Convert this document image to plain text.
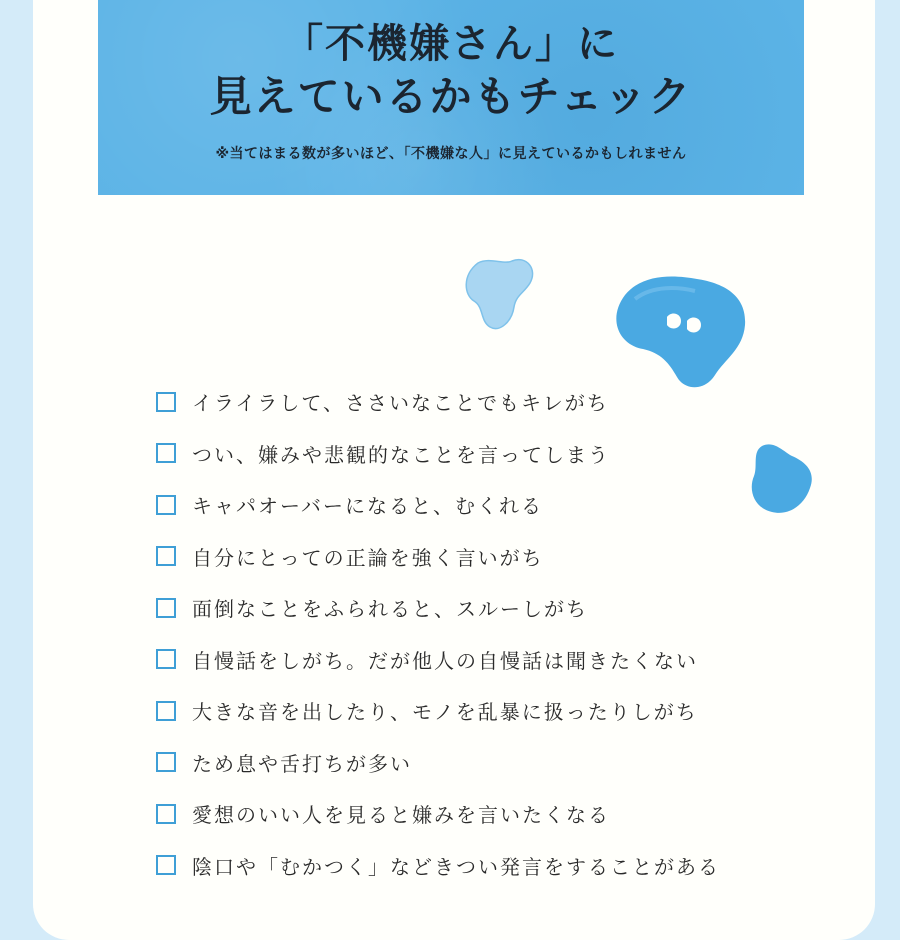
「不機嫌さん」に
見えているかもチェック
※当てはまる数が多いほど、「不機嫌な人」に見えているかもしれません
イライラして、ささいなことでもキレがち
つい、嫌みや悲観的なことを言ってしまう
キャパオーバーになると、むくれる
自分にとっての正論を強く言いがち
面倒なことをふられると、スルーしがち
自慢話をしがち。だが他人の自慢話は聞きたくない
大きな音を出したり、モノを乱暴に扱ったりしがち
ため息や舌打ちが多い
愛想のいい人を見ると嫌みを言いたくなる
陰口や「むかつく」などきつい発言をすることがある
